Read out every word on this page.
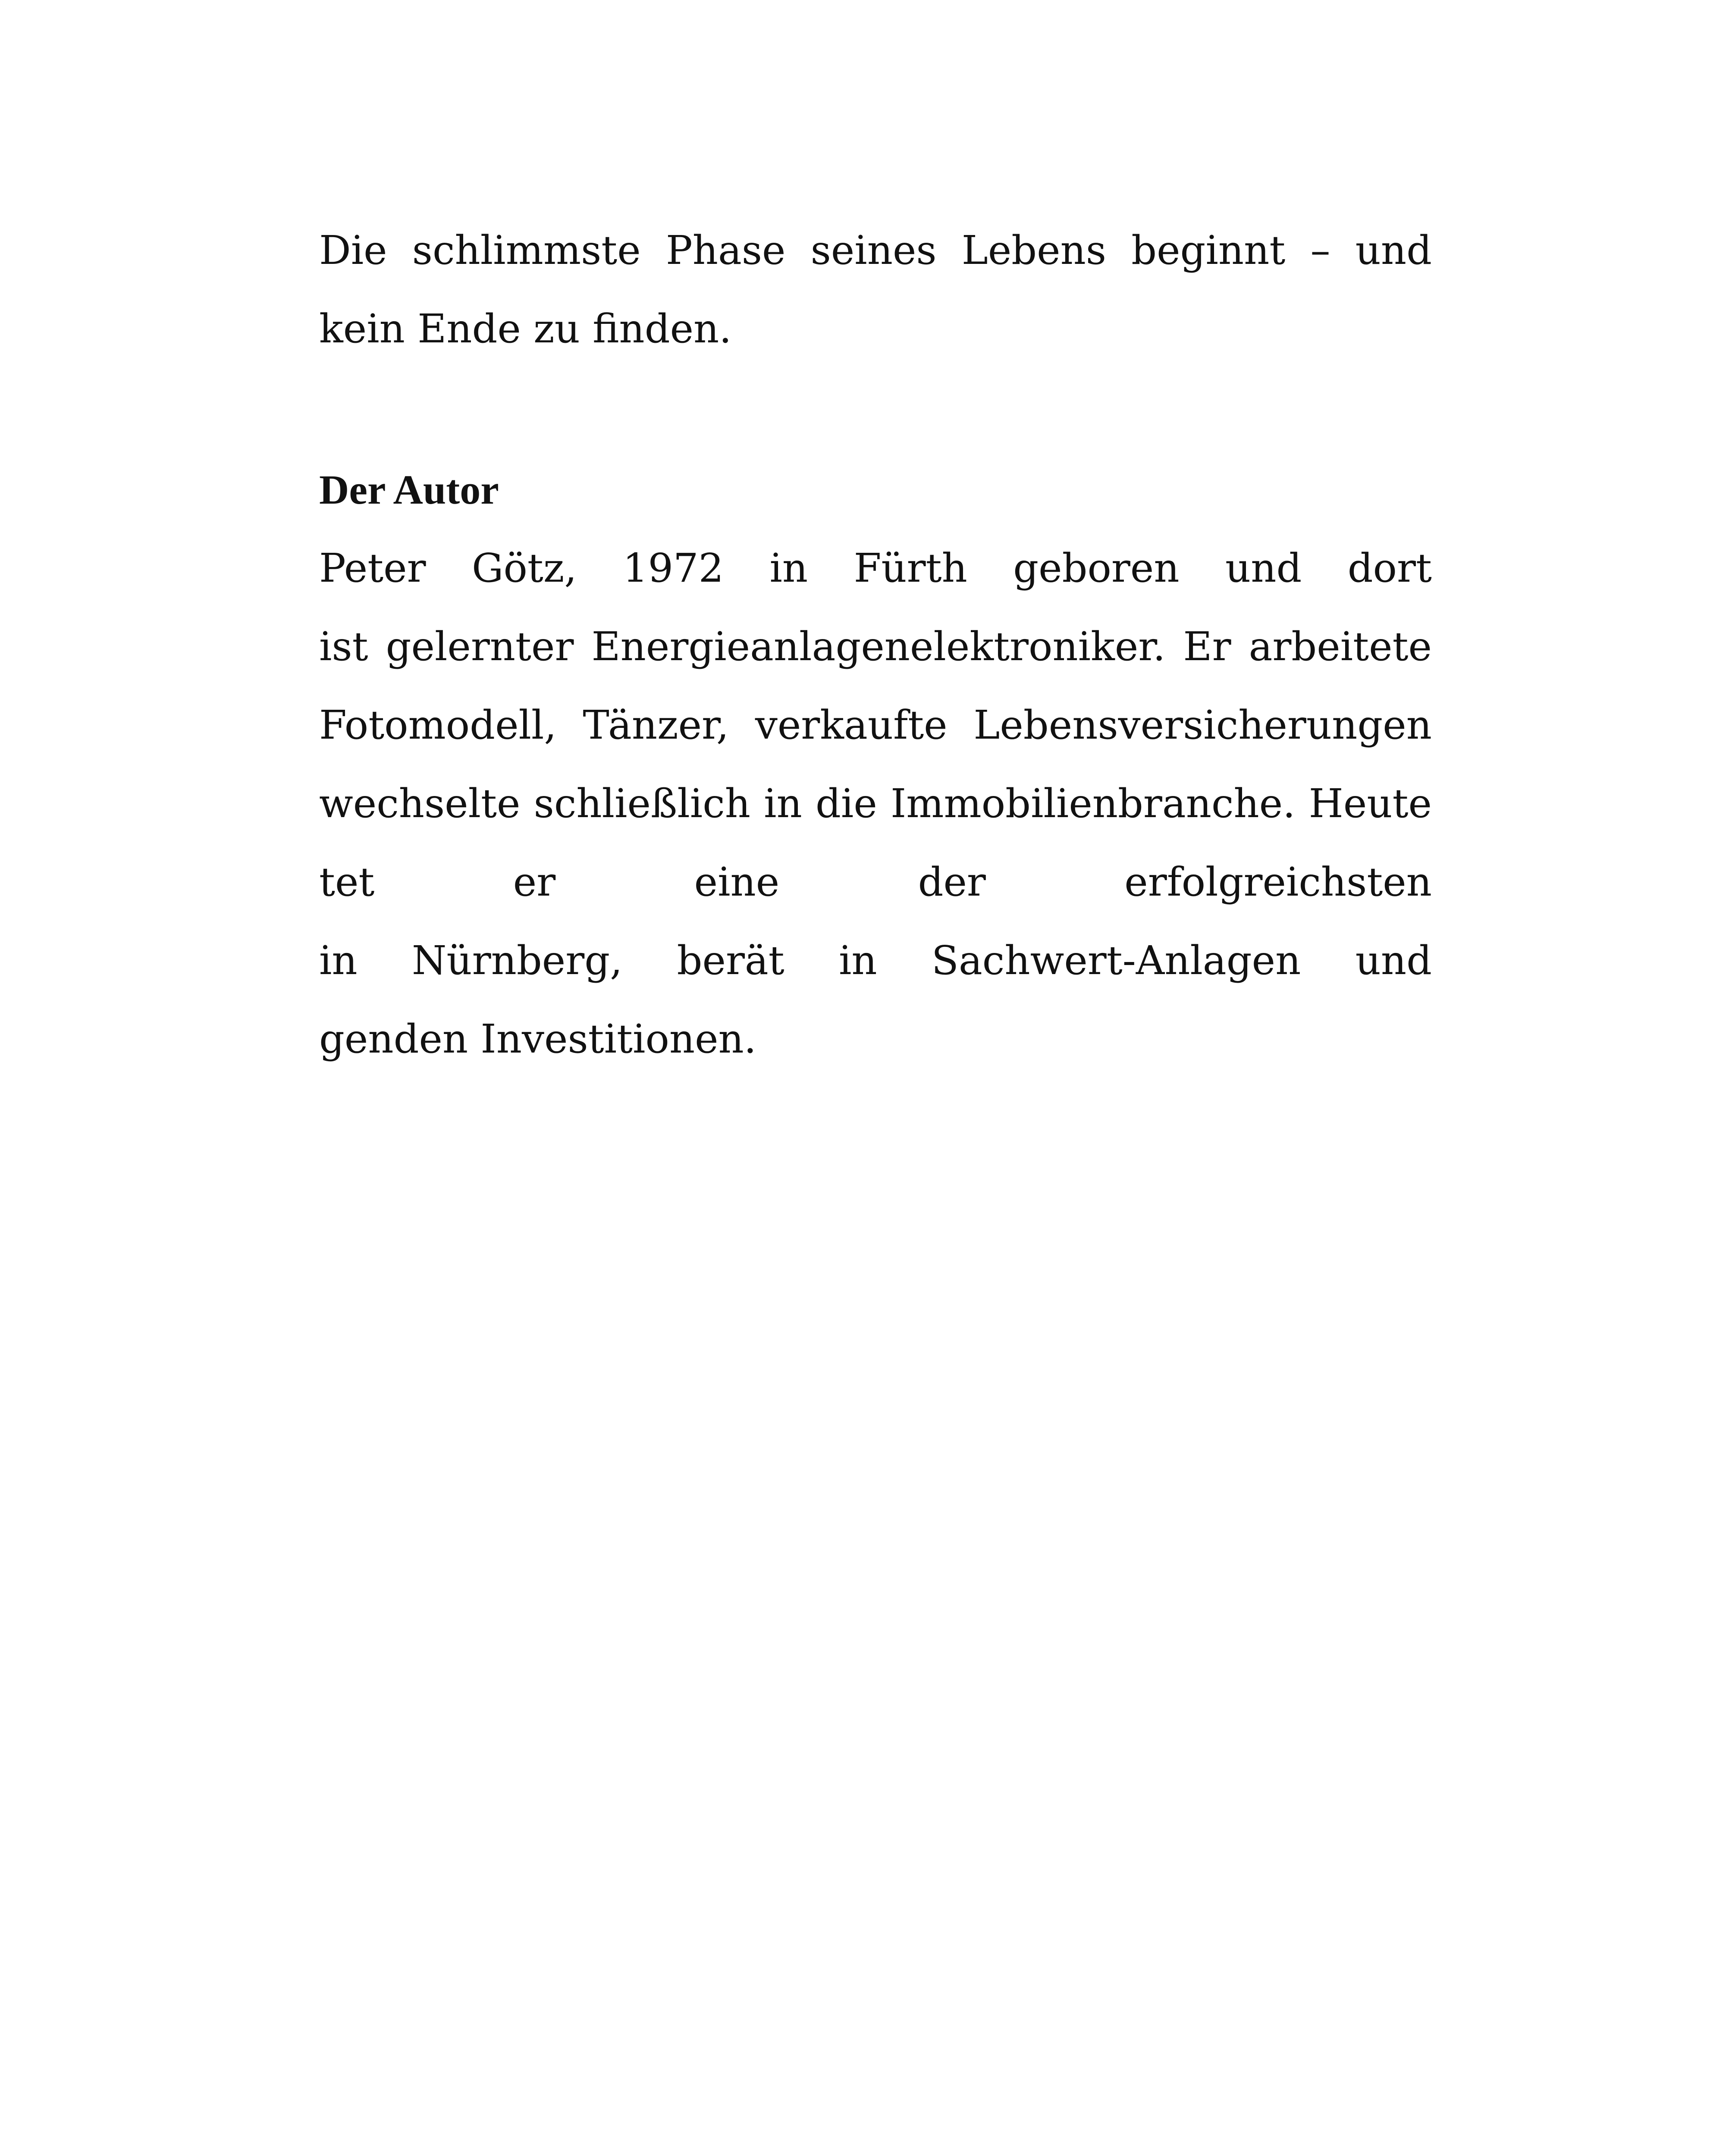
Die schlimmste Phase seines Lebens beginnt – und
kein Ende zu finden.
Der Autor
Peter Götz, 1972 in Fürth geboren und dort
ist gelernter Energieanlagenelektroniker. Er arbeitete
Fotomodell, Tänzer, verkaufte Lebensversicherungen
wechselte schließlich in die Immobilienbranche. Heute
tet er eine der erfolgreichsten
in Nürnberg, berät in Sachwert-Anlagen und
genden Investitionen.
